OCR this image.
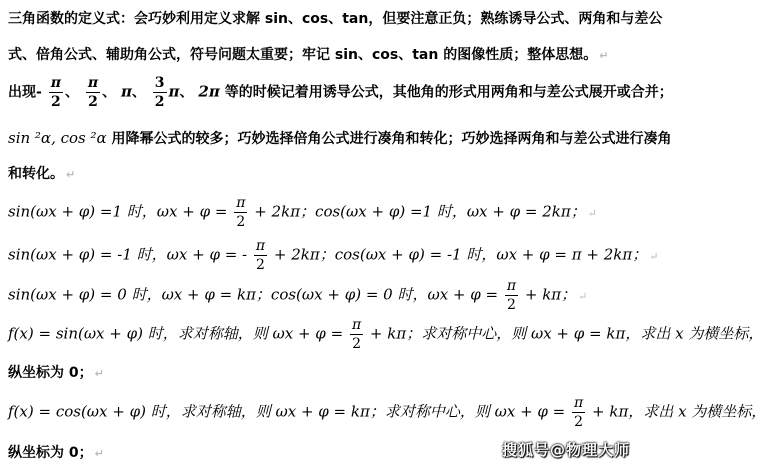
三角函数的定义式：会巧妙利用定义求解 sin、cos、tan，但要注意正负；熟练诱导公式、两角和与差公
式、倍角公式、辅助角公式，符号问题太重要；牢记 sin、cos、tan 的图像性质；整体思想。 ↵
出现- $\frac{\pi}{2}$ 、 $\frac{\pi}{2}$ 、 π、 $\frac{3}{2}$ π、 2π 等的时候记着用诱导公式，其他角的形式用两角和与差公式展开或合并；
sin ²α, cos ²α 用降幂公式的较多；巧妙选择倍角公式进行凑角和转化；巧妙选择两角和与差公式进行凑角
和转化。 ↵
sin(ωx + φ) =1 时，$\omega x + \varphi = \frac{\pi}{2} + 2k\pi$；cos(ωx + φ) =1 时，ωx + φ = 2kπ； ↵
sin(ωx + φ) = -1 时，ωx + φ = - $\frac{\pi}{2} + 2k\pi$；cos(ωx + φ) = -1 时，ωx + φ = π + 2kπ； ↵
sin(ωx + φ) = 0 时，ωx + φ = kπ；cos(ωx + φ) = 0 时，$\omega x + \varphi = \frac{\pi}{2} + k\pi$； ↵
f(x) = sin(ωx + φ) 时，求对称轴，则 $\omega x + \varphi = \frac{\pi}{2} + k\pi$；求对称中心，则 ωx + φ = kπ，求出 x 为横坐标，
纵坐标为 0； ↵
f(x) = cos(ωx + φ) 时，求对称轴，则 ωx + φ = kπ；求对称中心，则 $\omega x + \varphi = \frac{\pi}{2} + k\pi$，求出 x 为横坐标，
纵坐标为 0； ↵	搜狐号@物理大师
